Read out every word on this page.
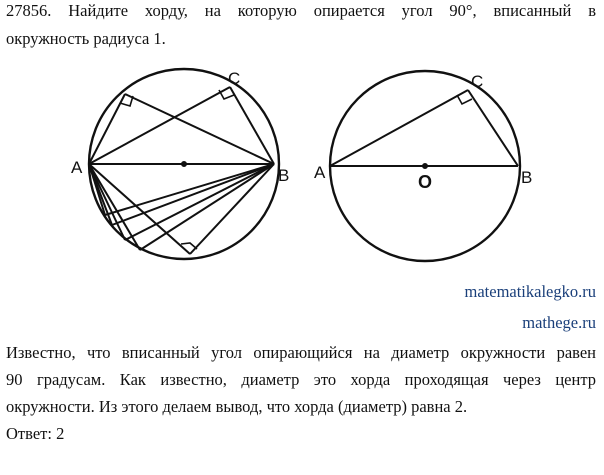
27856. Найдите хорду, на которую опирается угол 90°, вписанный в

окружность радиуса 1.

A	B
C
A	B
C
O

matematikalegko.ru

mathege.ru

Известно, что вписанный угол опирающийся на диаметр окружности равен

90 градусам. Как известно, диаметр это хорда проходящая через центр

окружности. Из этого делаем вывод, что хорда (диаметр) равна 2.

Ответ: 2
